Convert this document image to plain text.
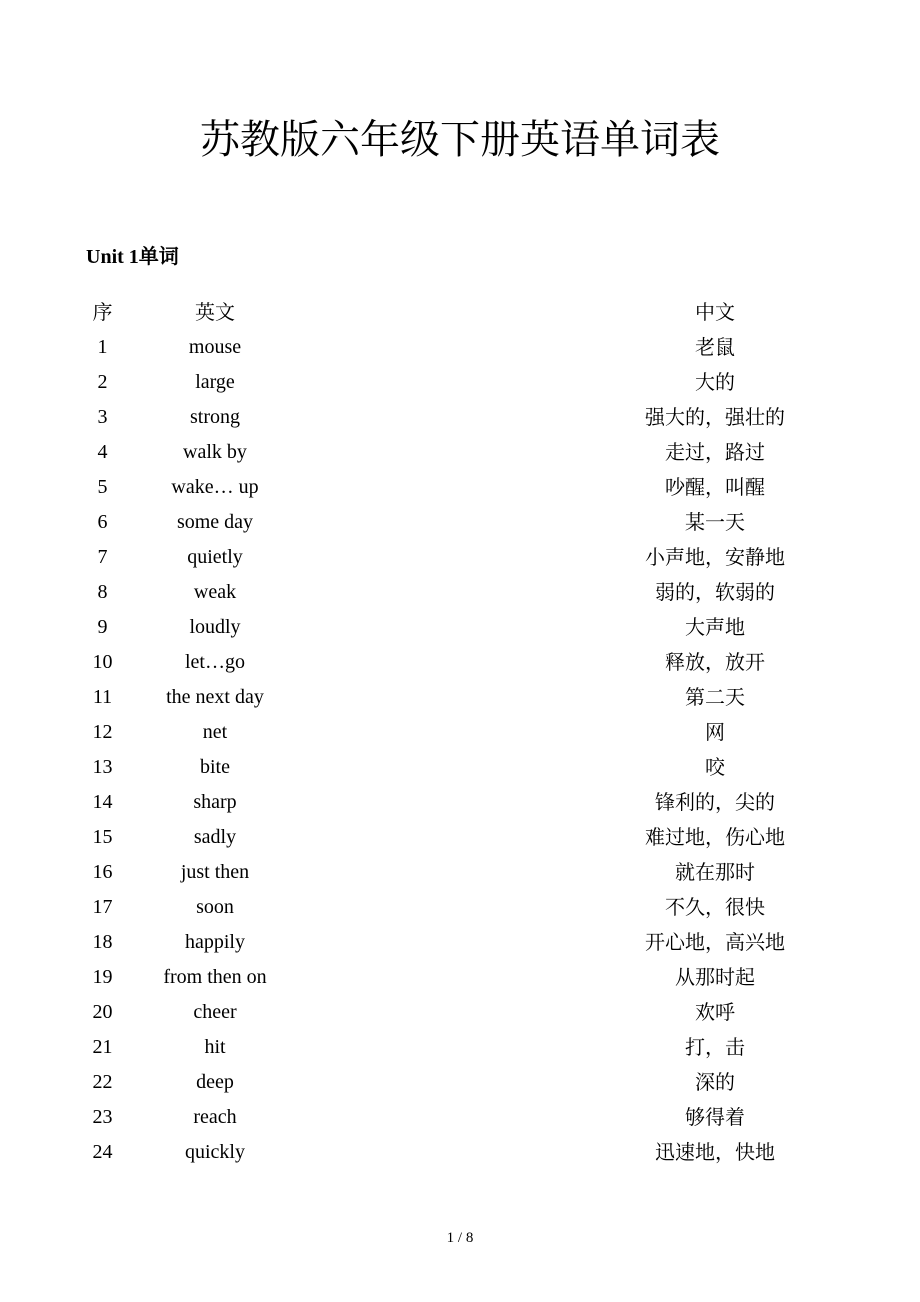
苏教版六年级下册英语单词表
Unit 1单词
序	英文		中文
1	mouse		老鼠
2	large		大的
3	strong		强大的，强壮的
4	walk by		走过，路过
5	wake… up		吵醒，叫醒
6	some day		某一天
7	quietly		小声地，安静地
8	weak		弱的，软弱的
9	loudly		大声地
10	let…go		释放，放开
11	the next day		第二天
12	net		网
13	bite		咬
14	sharp		锋利的，尖的
15	sadly		难过地，伤心地
16	just then		就在那时
17	soon		不久，很快
18	happily		开心地，高兴地
19	from then on		从那时起
20	cheer		欢呼
21	hit		打，击
22	deep		深的
23	reach		够得着
24	quickly		迅速地，快地
1 / 8
